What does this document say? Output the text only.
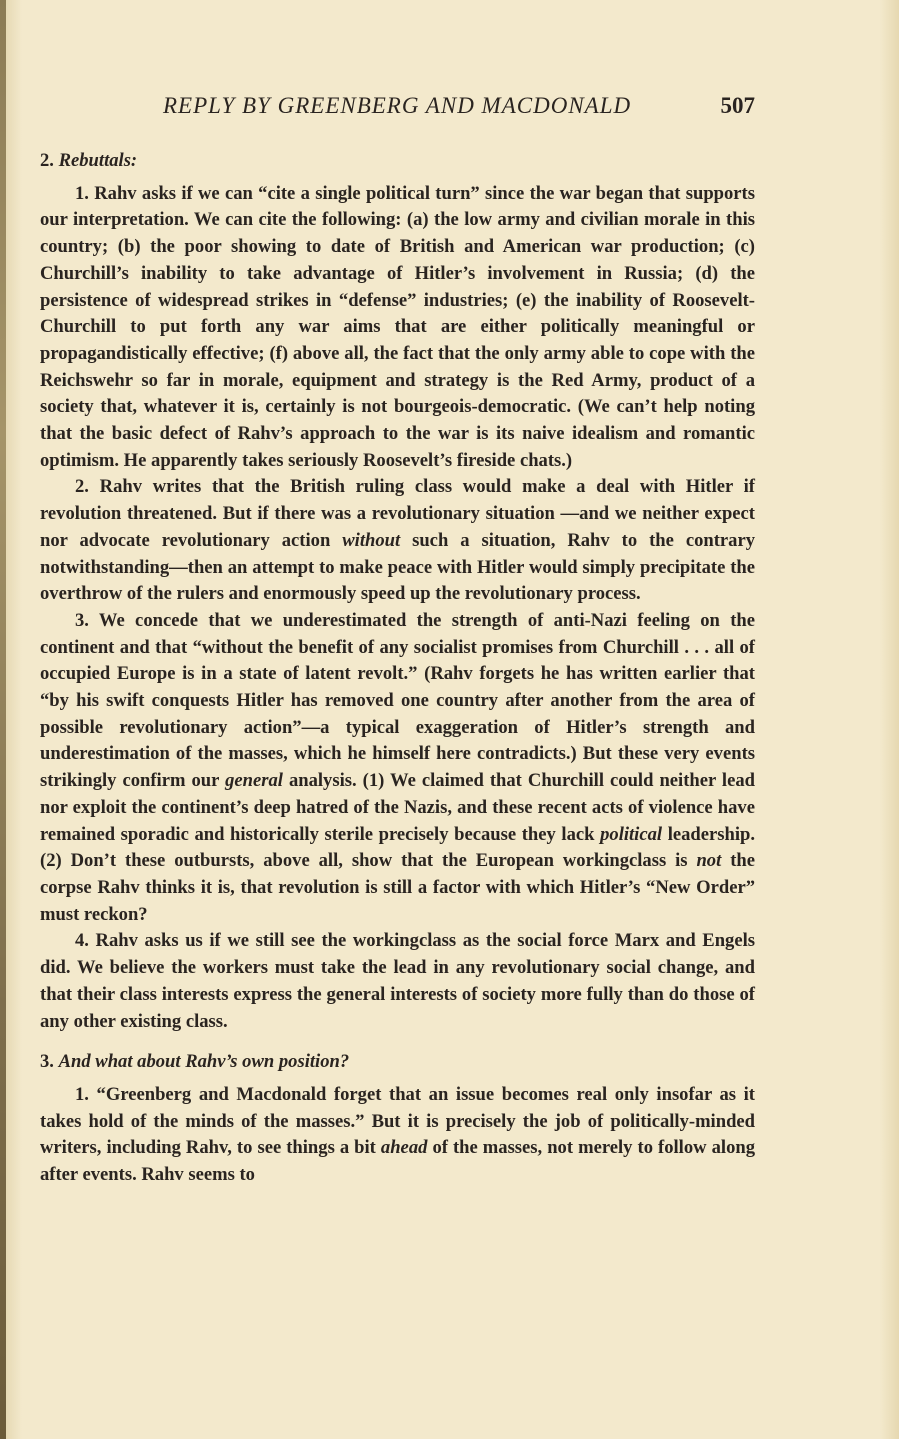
REPLY BY GREENBERG AND MACDONALD	507

2. Rebuttals:

1. Rahv asks if we can “cite a single political turn” since the war began that supports our interpretation. We can cite the following: (a) the low army and civilian morale in this country; (b) the poor showing to date of British and American war production; (c) Churchill’s inability to take advantage of Hitler’s involvement in Russia; (d) the persistence of widespread strikes in “defense” industries; (e) the inability of Roosevelt-Churchill to put forth any war aims that are either politically meaningful or propagandistically effective; (f) above all, the fact that the only army able to cope with the Reichswehr so far in morale, equipment and strategy is the Red Army, product of a society that, whatever it is, certainly is not bourgeois-democratic. (We can’t help noting that the basic defect of Rahv’s approach to the war is its naive idealism and romantic optimism. He apparently takes seriously Roosevelt’s fireside chats.)

2. Rahv writes that the British ruling class would make a deal with Hitler if revolution threatened. But if there was a revolutionary situation —and we neither expect nor advocate revolutionary action without such a situation, Rahv to the contrary notwithstanding—then an attempt to make peace with Hitler would simply precipitate the overthrow of the rulers and enormously speed up the revolutionary process.

3. We concede that we underestimated the strength of anti-Nazi feeling on the continent and that “without the benefit of any socialist promises from Churchill . . . all of occupied Europe is in a state of latent revolt.” (Rahv forgets he has written earlier that “by his swift conquests Hitler has removed one country after another from the area of possible revolutionary action”—a typical exaggeration of Hitler’s strength and underestimation of the masses, which he himself here contradicts.) But these very events strikingly confirm our general analysis. (1) We claimed that Churchill could neither lead nor exploit the continent’s deep hatred of the Nazis, and these recent acts of violence have remained sporadic and historically sterile precisely because they lack political leadership. (2) Don’t these outbursts, above all, show that the European workingclass is not the corpse Rahv thinks it is, that revolution is still a factor with which Hitler’s “New Order” must reckon?

4. Rahv asks us if we still see the workingclass as the social force Marx and Engels did. We believe the workers must take the lead in any revolutionary social change, and that their class interests express the general interests of society more fully than do those of any other existing class.

3. And what about Rahv’s own position?

1. “Greenberg and Macdonald forget that an issue becomes real only insofar as it takes hold of the minds of the masses.” But it is precisely the job of politically-minded writers, including Rahv, to see things a bit ahead of the masses, not merely to follow along after events. Rahv seems to
